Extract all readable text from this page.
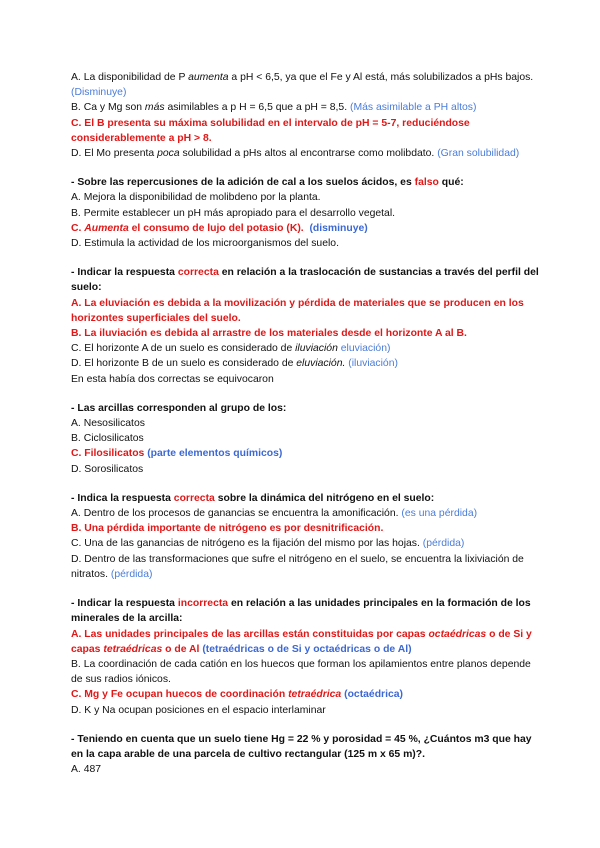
A. La disponibilidad de P aumenta a pH < 6,5, ya que el Fe y Al está, más solubilizados a pHs bajos. (Disminuye)

B. Ca y Mg son más asimilables a p H = 6,5 que a pH = 8,5. (Más asimilable a PH altos)

C. El B presenta su máxima solubilidad en el intervalo de pH = 5-7, reduciéndose considerablemente a pH > 8.

D. El Mo presenta poca solubilidad a pHs altos al encontrarse como molibdato. (Gran solubilidad)

- Sobre las repercusiones de la adición de cal a los suelos ácidos, es falso qué:

A. Mejora la disponibilidad de molibdeno por la planta.

B. Permite establecer un pH más apropiado para el desarrollo vegetal.

C. Aumenta el consumo de lujo del potasio (K). (disminuye)

D. Estimula la actividad de los microorganismos del suelo.

- Indicar la respuesta correcta en relación a la traslocación de sustancias a través del perfil del suelo:

A. La eluviación es debida a la movilización y pérdida de materiales que se producen en los horizontes superficiales del suelo.

B. La iluviación es debida al arrastre de los materiales desde el horizonte A al B.

C. El horizonte A de un suelo es considerado de iluviación eluviación)

D. El horizonte B de un suelo es considerado de eluviación. (iluviación)

En esta había dos correctas se equivocaron

- Las arcillas corresponden al grupo de los:

A. Nesosilicatos

B. Ciclosilicatos

C. Filosilicatos (parte elementos químicos)

D. Sorosilicatos

- Indica la respuesta correcta sobre la dinámica del nitrógeno en el suelo:

A. Dentro de los procesos de ganancias se encuentra la amonificación. (es una pérdida)

B. Una pérdida importante de nitrógeno es por desnitrificación.

C. Una de las ganancias de nitrógeno es la fijación del mismo por las hojas. (pérdida)

D. Dentro de las transformaciones que sufre el nitrógeno en el suelo, se encuentra la lixiviación de nitratos. (pérdida)

- Indicar la respuesta incorrecta en relación a las unidades principales en la formación de los minerales de la arcilla:

A. Las unidades principales de las arcillas están constituidas por capas octaédricas o de Si y capas tetraédricas o de Al (tetraédricas o de Si y octaédricas o de Al)

B. La coordinación de cada catión en los huecos que forman los apilamientos entre planos depende de sus radios iónicos.

C. Mg y Fe ocupan huecos de coordinación tetraédrica (octaédrica)

D. K y Na ocupan posiciones en el espacio interlaminar

- Teniendo en cuenta que un suelo tiene Hg = 22 % y porosidad = 45 %, ¿Cuántos m3 que hay en la capa arable de una parcela de cultivo rectangular (125 m x 65 m)?.

A. 487
